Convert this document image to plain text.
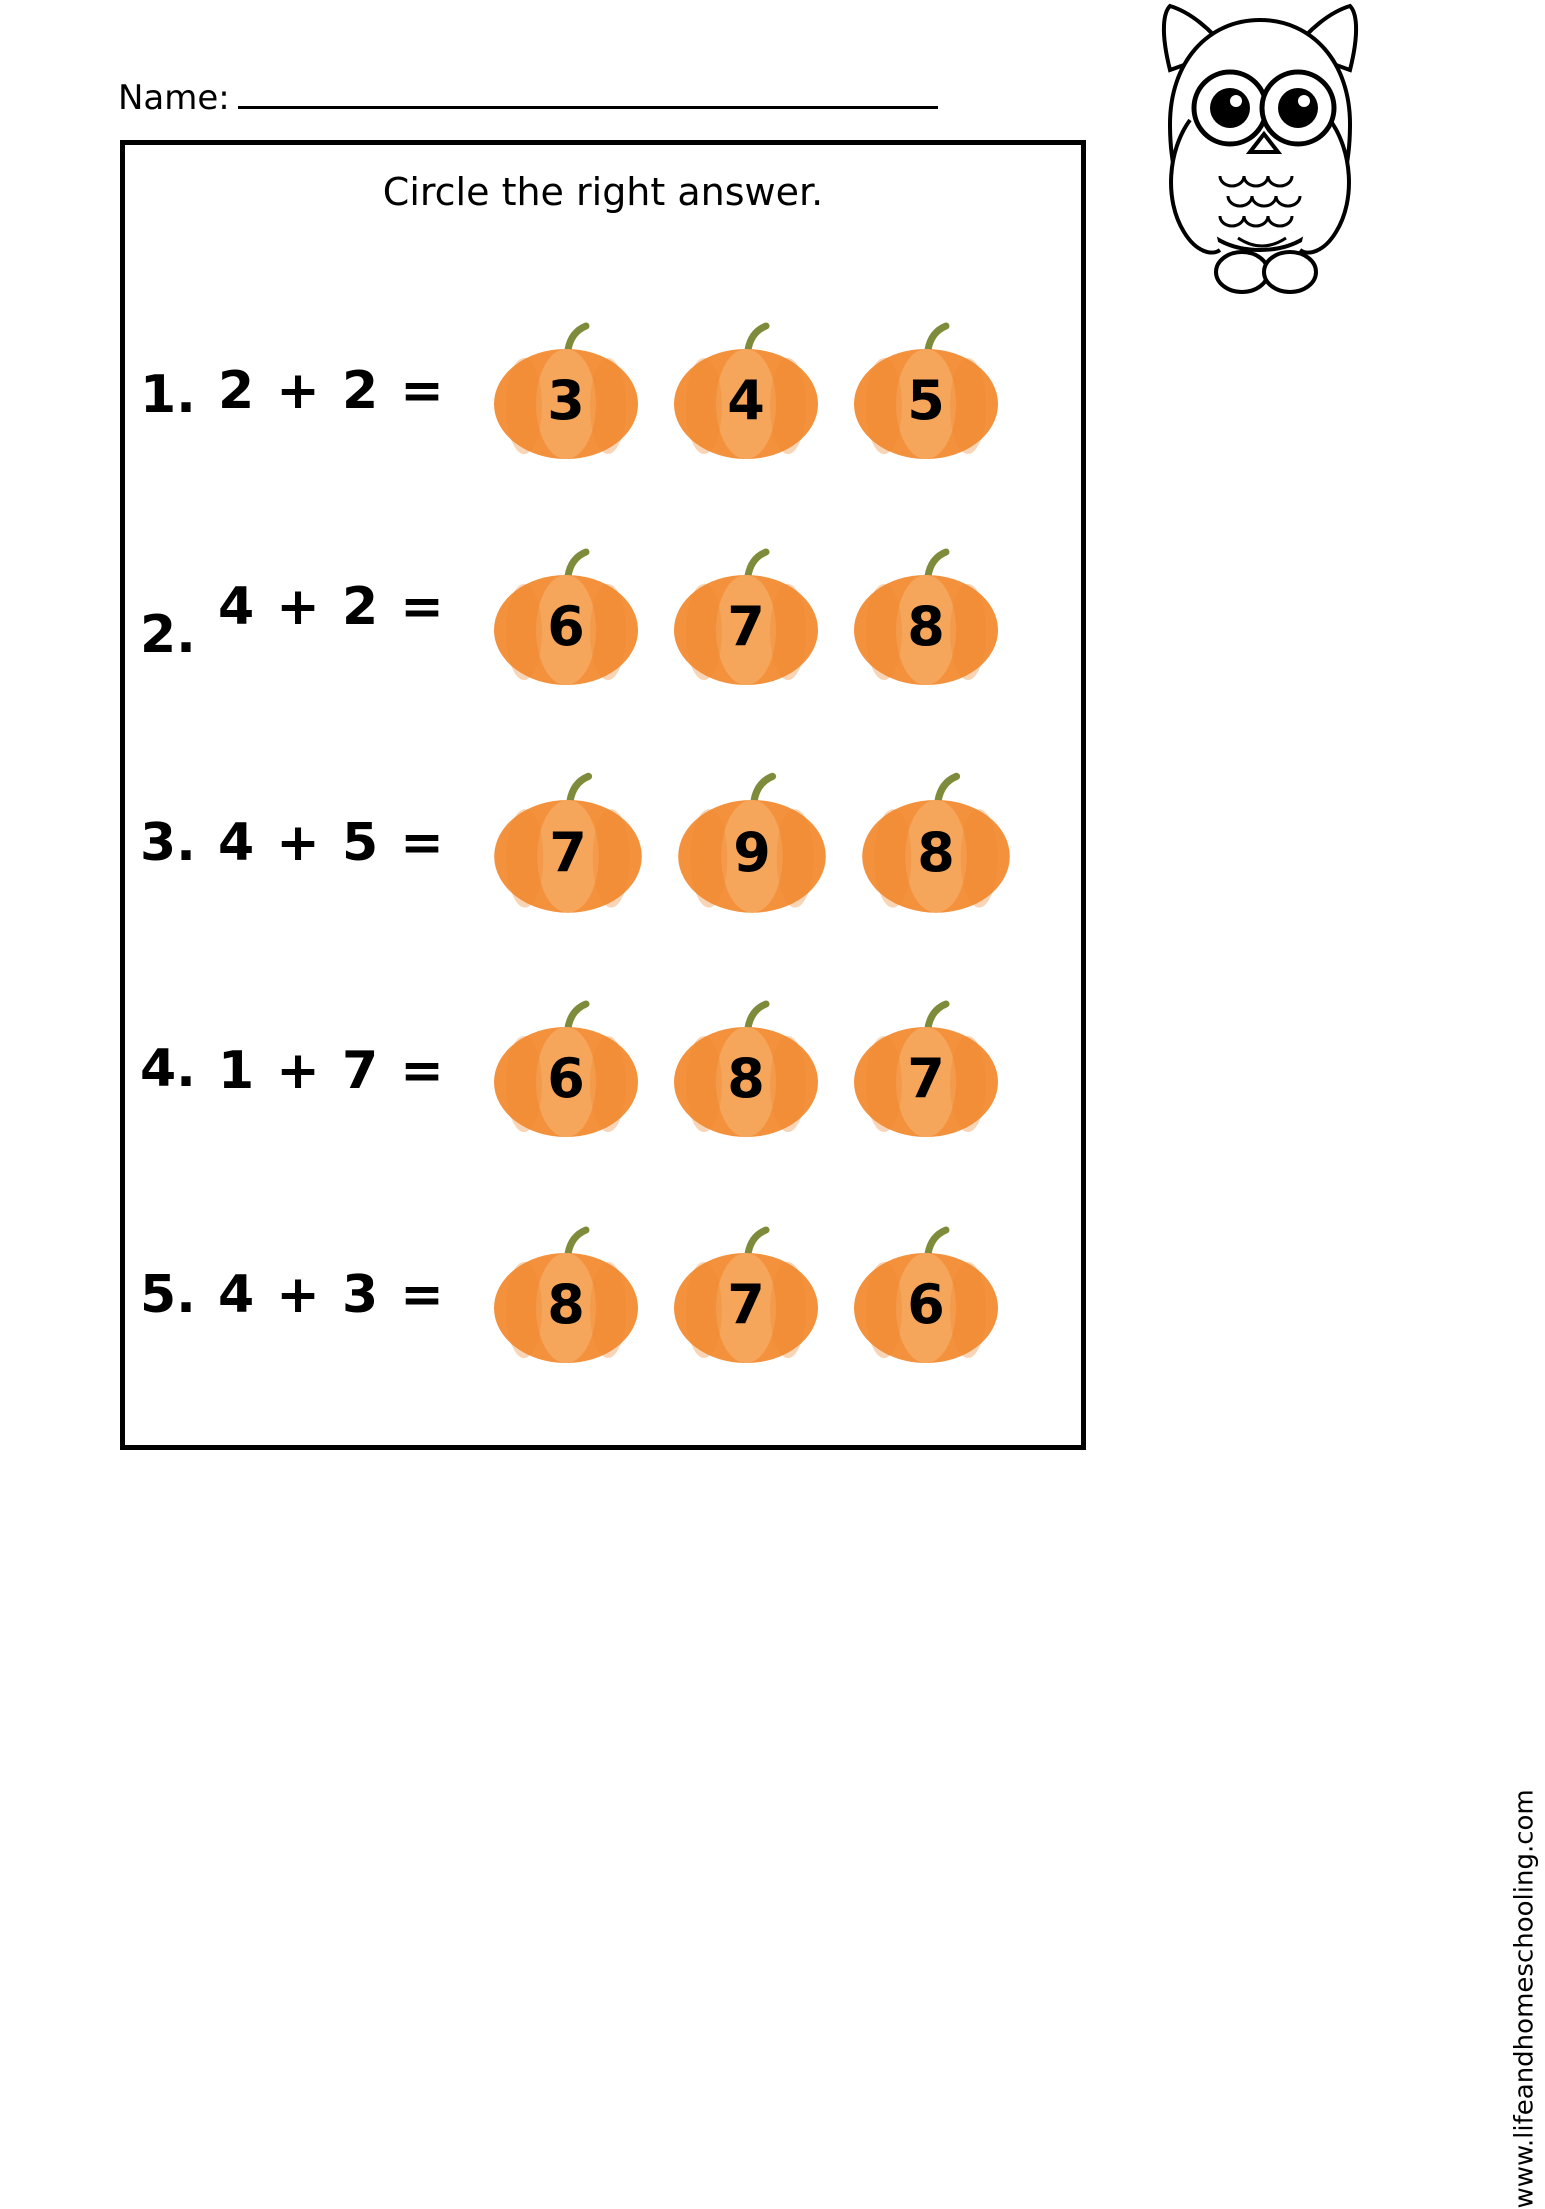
Name:
Circle the right answer.
1. 2 + 2 =	3	4	5
2. 4 + 2 =	6	7	8
3. 4 + 5 =	7	9	8
4. 1 + 7 =	6	8	7
5. 4 + 3 =	8	7	6
www.lifeandhomeschooling.com
